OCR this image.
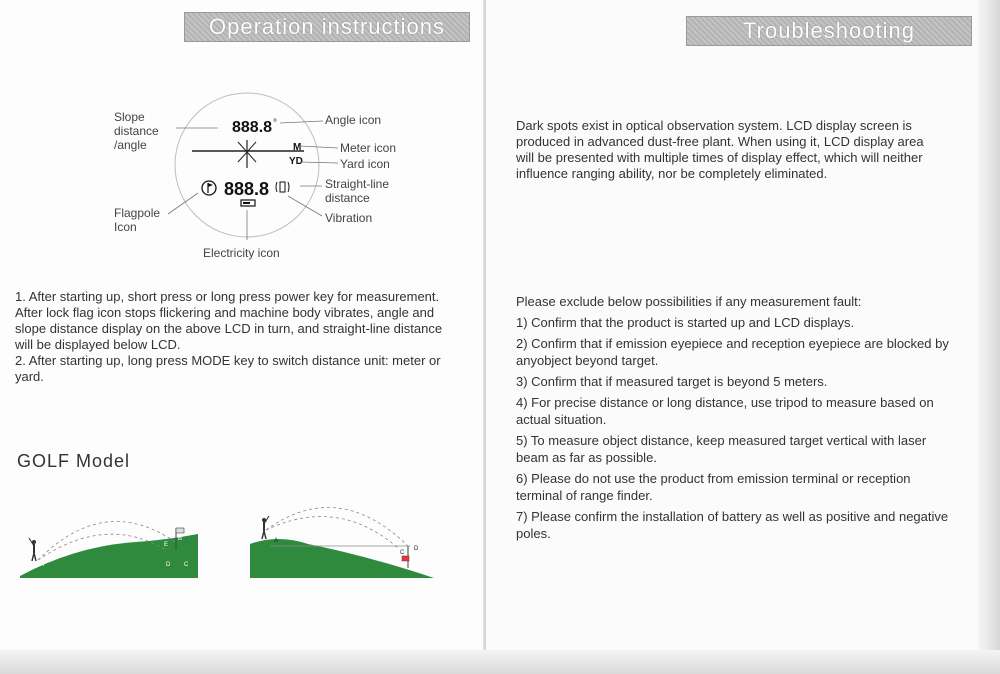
Operation instructions
888.8 °
M
YD
888.8
Slope distance /angle
Angle icon
Meter icon
Yard icon
Straight-line distance
Vibration
Flagpole Icon
Electricity icon

1. After starting up, short press or long press power key for measurement. After lock flag icon stops flickering and machine body vibrates, angle and slope distance display on the above LCD in turn, and straight-line distance will be displayed below LCD.

2. After starting up, long press MODE key to switch distance unit: meter or yard.

GOLF Model
A
E
B
D C
A
C
D
Troubleshooting
Dark spots exist in optical observation system. LCD display screen is produced in advanced dust-free plant. When using it, LCD display area will be presented with multiple times of display effect, which will neither influence ranging ability, nor be completely eliminated.
Please exclude below possibilities if any measurement fault:

1) Confirm that the product is started up and LCD displays.

2) Confirm that if emission eyepiece and reception eyepiece are blocked by anyobject beyond target.

3) Confirm that if measured target is beyond 5 meters.

4) For precise distance or long distance, use tripod to measure based on actual situation.

5) To measure object distance, keep measured target vertical with laser beam as far as possible.

6) Please do not use the product from emission terminal or reception terminal of range finder.

7) Please confirm the installation of battery as well as positive and negative poles.
